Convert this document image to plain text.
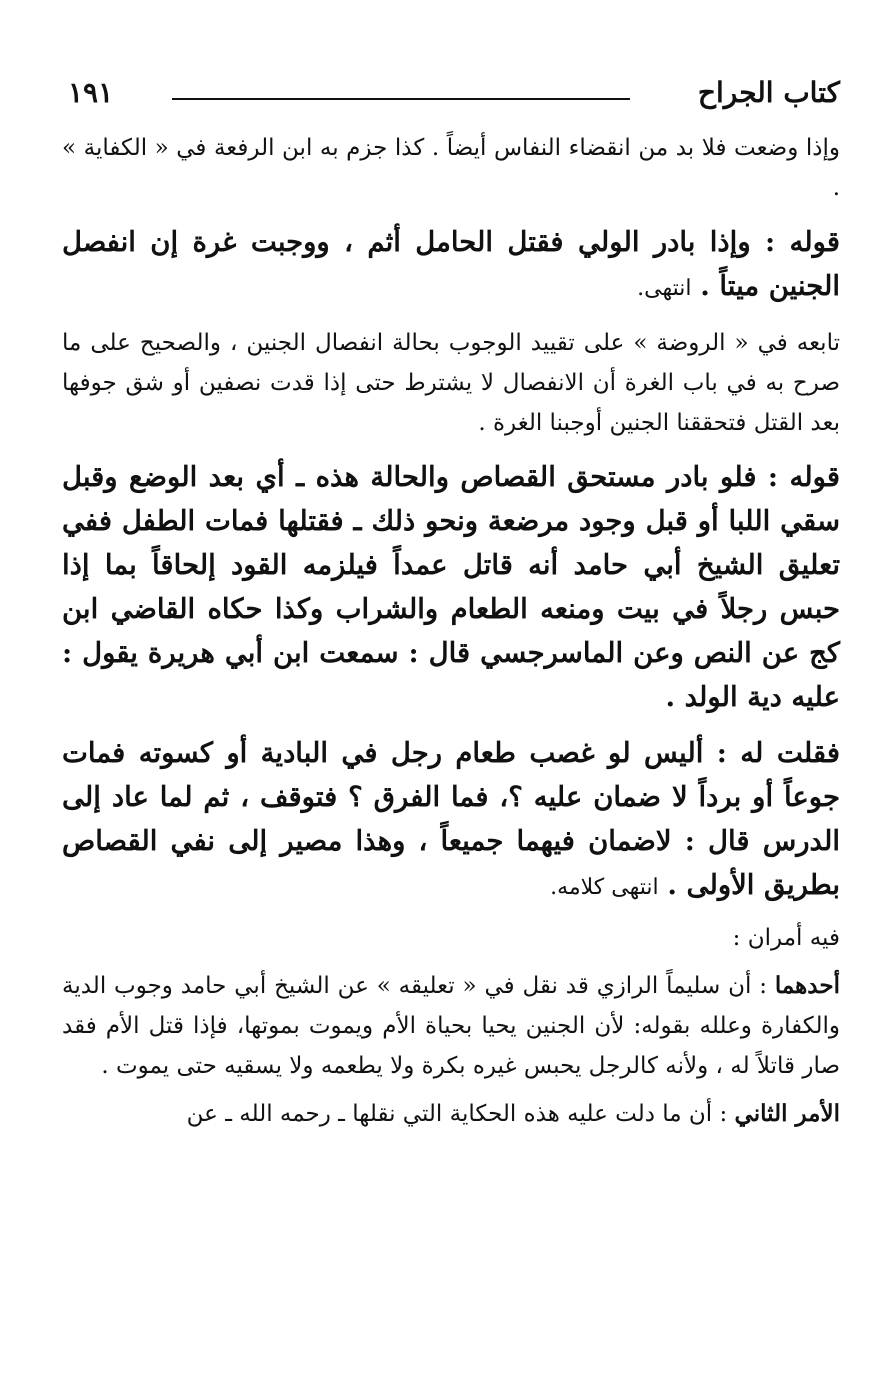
كتاب الجراح
١٩١

وإذا وضعت فلا بد من انقضاء النفاس أيضاً . كذا جزم به ابن الرفعة في « الكفاية » .

قوله : وإذا بادر الولي فقتل الحامل أثم ، ووجبت غرة إن انفصل الجنين ميتاً . انتهى.

تابعه في « الروضة » على تقييد الوجوب بحالة انفصال الجنين ، والصحيح على ما صرح به في باب الغرة أن الانفصال لا يشترط حتى إذا قدت نصفين أو شق جوفها بعد القتل فتحققنا الجنين أوجبنا الغرة .

قوله : فلو بادر مستحق القصاص والحالة هذه ـ أي بعد الوضع وقبل سقي اللبا أو قبل وجود مرضعة ونحو ذلك ـ فقتلها فمات الطفل ففي تعليق الشيخ أبي حامد أنه قاتل عمداً فيلزمه القود إلحاقاً بما إذا حبس رجلاً في بيت ومنعه الطعام والشراب وكذا حكاه القاضي ابن كج عن النص وعن الماسرجسي قال : سمعت ابن أبي هريرة يقول : عليه دية الولد .

فقلت له : أليس لو غصب طعام رجل في البادية أو كسوته فمات جوعاً أو برداً لا ضمان عليه ؟، فما الفرق ؟ فتوقف ، ثم لما عاد إلى الدرس قال : لاضمان فيهما جميعاً ، وهذا مصير إلى نفي القصاص بطريق الأولى . انتهى كلامه.

فيه أمران :

أحدهما : أن سليماً الرازي قد نقل في « تعليقه » عن الشيخ أبي حامد وجوب الدية والكفارة وعلله بقوله: لأن الجنين يحيا بحياة الأم ويموت بموتها، فإذا قتل الأم فقد صار قاتلاً له ، ولأنه كالرجل يحبس غيره بكرة ولا يطعمه ولا يسقيه حتى يموت .

الأمر الثاني : أن ما دلت عليه هذه الحكاية التي نقلها ـ رحمه الله ـ عن
